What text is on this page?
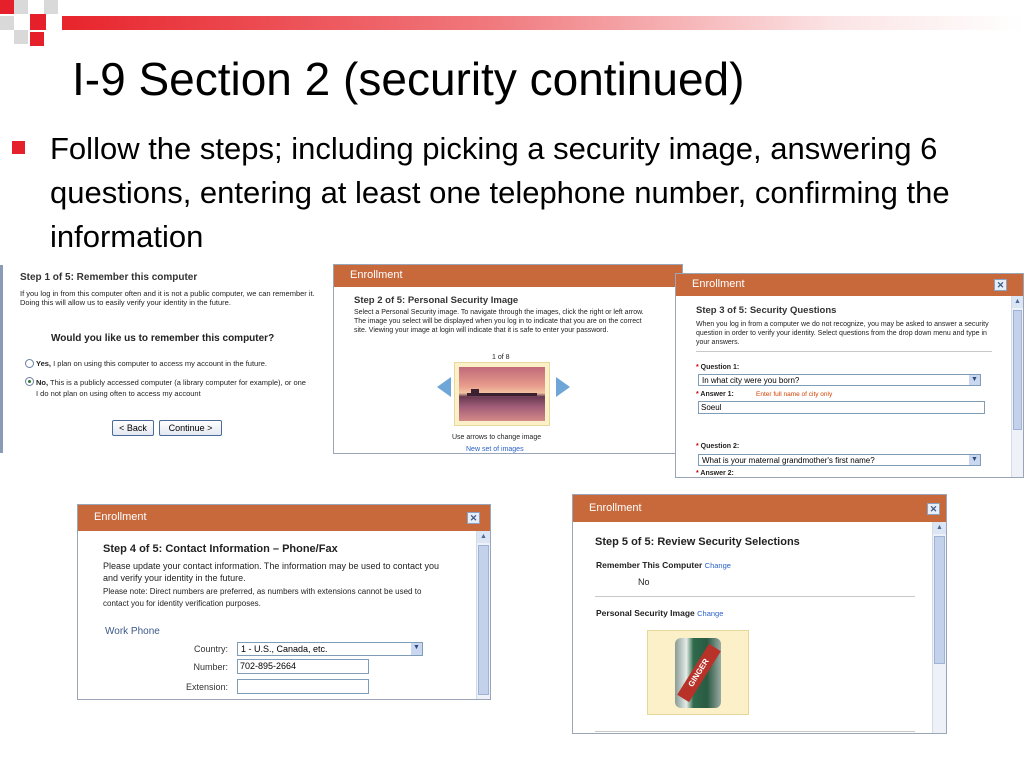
I-9 Section 2 (security continued)
Follow the steps; including picking a security image, answering 6 questions, entering at least one telephone number, confirming the information
Step 1 of 5: Remember this computer
If you log in from this computer often and it is not a public computer, we can remember it. Doing this will allow us to easily verify your identity in the future.
Would you like us to remember this computer?
Yes, I plan on using this computer to access my account in the future.
No, This is a publicly accessed computer (a library computer for example), or one I do not plan on using often to access my account
< Back	Continue >
Enrollment
Step 2 of 5: Personal Security Image
Select a Personal Security image. To navigate through the images, click the right or left arrow. The image you select will be displayed when you log in to indicate that you are on the correct site. Viewing your image at login will indicate that it is safe to enter your password.
1 of 8
Use arrows to change image
New set of images
Enrollment	✕
▲
Step 3 of 5: Security Questions
When you log in from a computer we do not recognize, you may be asked to answer a security question in order to verify your identity. Select questions from the drop down menu and type in your answers.
* Question 1:
In what city were you born?	▼
* Answer 1:	Enter full name of city only
Soeul
* Question 2:
What is your maternal grandmother's first name?	▼
* Answer 2:
Enrollment	✕
▲
Step 4 of 5: Contact Information – Phone/Fax
Please update your contact information. The information may be used to contact you and verify your identity in the future.
Please note: Direct numbers are preferred, as numbers with extensions cannot be used to contact you for identity verification purposes.
Work Phone
Country:	1 - U.S., Canada, etc.	▼
Number:	702-895-2664
Extension:
Enrollment	✕
▲
Step 5 of 5: Review Security Selections
Remember This Computer Change
No
Personal Security Image Change
GINGER
